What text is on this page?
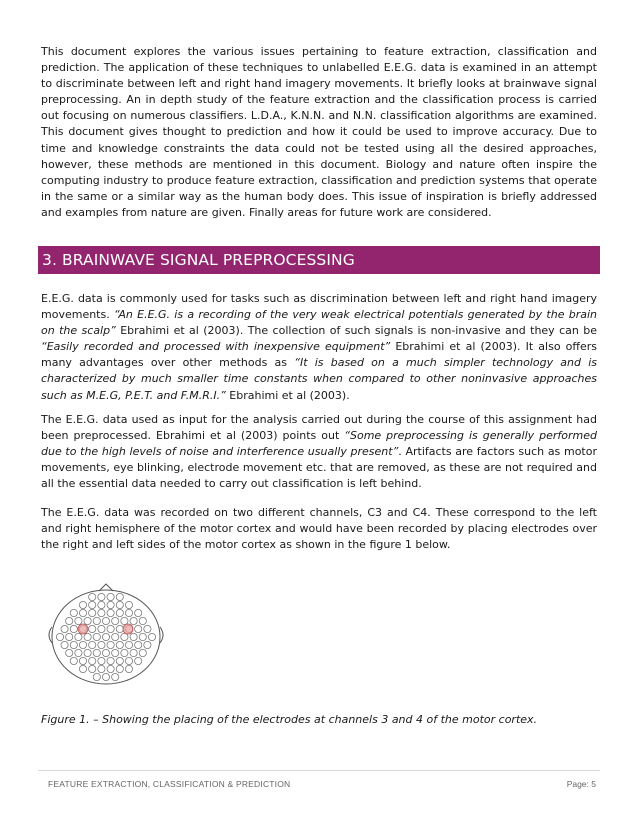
This document explores the various issues pertaining to feature extraction, classification and prediction. The application of these techniques to unlabelled E.E.G. data is examined in an attempt to discriminate between left and right hand imagery movements. It briefly looks at brainwave signal preprocessing. An in depth study of the feature extraction and the classification process is carried out focusing on numerous classifiers. L.D.A., K.N.N. and N.N. classification algorithms are examined. This document gives thought to prediction and how it could be used to improve accuracy. Due to time and knowledge constraints the data could not be tested using all the desired approaches, however, these methods are mentioned in this document. Biology and nature often inspire the computing industry to produce feature extraction, classification and prediction systems that operate in the same or a similar way as the human body does. This issue of inspiration is briefly addressed and examples from nature are given. Finally areas for future work are considered.

3. BRAINWAVE SIGNAL PREPROCESSING

E.E.G. data is commonly used for tasks such as discrimination between left and right hand imagery movements. “An E.E.G. is a recording of the very weak electrical potentials generated by the brain on the scalp” Ebrahimi et al (2003). The collection of such signals is non-invasive and they can be “Easily recorded and processed with inexpensive equipment” Ebrahimi et al (2003). It also offers many advantages over other methods as “It is based on a much simpler technology and is characterized by much smaller time constants when compared to other noninvasive approaches such as M.E.G, P.E.T. and F.M.R.I.” Ebrahimi et al (2003).

The E.E.G. data used as input for the analysis carried out during the course of this assignment had been preprocessed. Ebrahimi et al (2003) points out “Some preprocessing is generally performed due to the high levels of noise and interference usually present”. Artifacts are factors such as motor movements, eye blinking, electrode movement etc. that are removed, as these are not required and all the essential data needed to carry out classification is left behind.

The E.E.G. data was recorded on two different channels, C3 and C4. These correspond to the left and right hemisphere of the motor cortex and would have been recorded by placing electrodes over the right and left sides of the motor cortex as shown in the figure 1 below.

Figure 1. – Showing the placing of the electrodes at channels 3 and 4 of the motor cortex.

FEATURE EXTRACTION, CLASSIFICATION & PREDICTION	Page: 5
